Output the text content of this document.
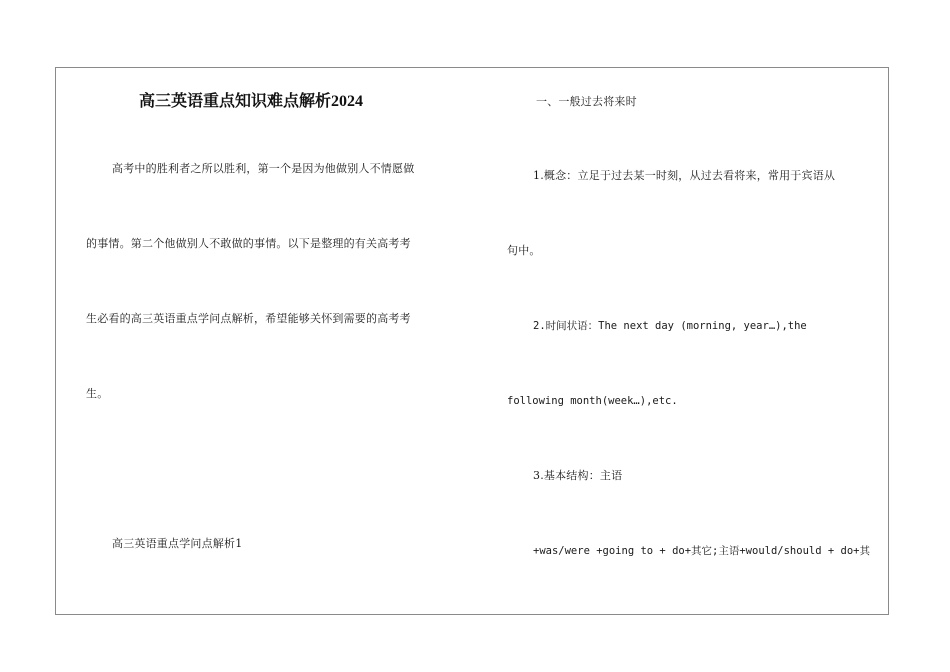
高三英语重点知识难点解析2024
高考中的胜利者之所以胜利，第一个是因为他做别人不情愿做
的事情。第二个他做别人不敢做的事情。以下是整理的有关高考考
生必看的高三英语重点学问点解析，希望能够关怀到需要的高考考
生。
高三英语重点学问点解析1
一、一般过去将来时
1.概念：立足于过去某一时刻，从过去看将来，常用于宾语从
句中。
2.时间状语：The next day (morning, year…),the
following month(week…),etc.
3.基本结构：主语
+was/were +going to + do+其它;主语+would/should + do+其
